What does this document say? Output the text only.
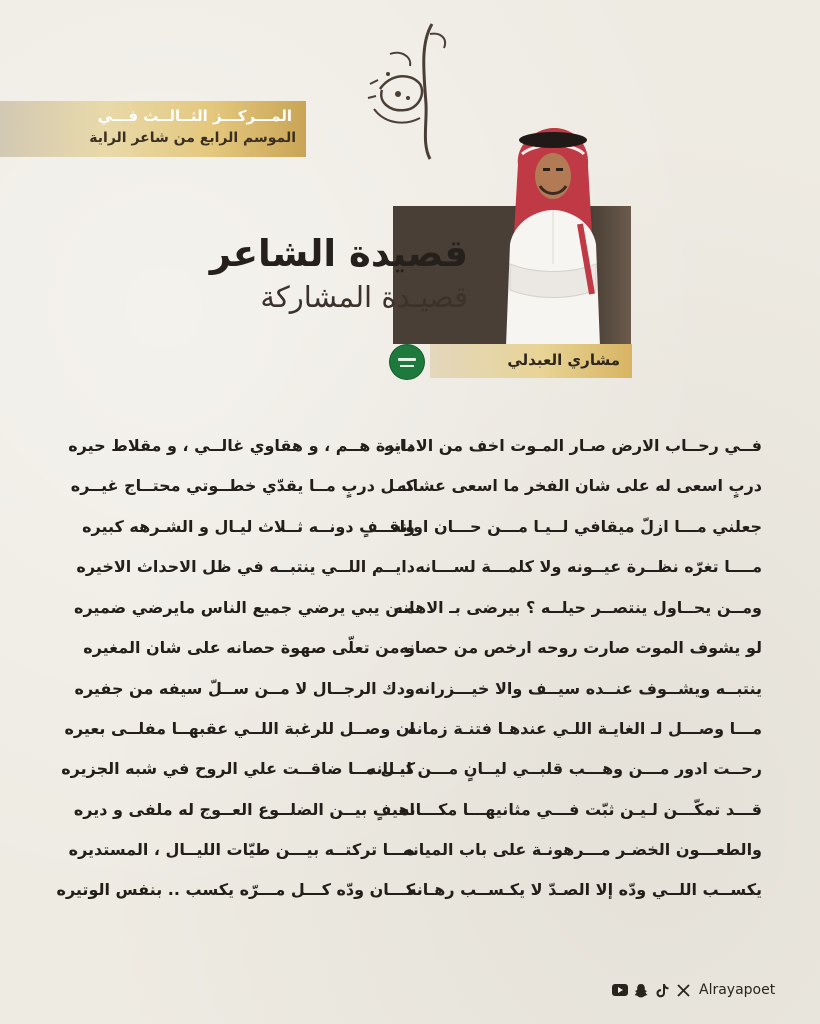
المـــركـــز الثــالــث فـــي
الموسم الرابع من شاعر الراية
قصيدة الشاعر
قصيـدة المشاركة
مشاري العبدلي
دايرة هــم ، و هقاوي غالــي ، و مقلاط حيره
فــي رحــاب الارض صـار المـوت اخف من الامانه
كــل دربٍ مــا يقدّي خطــوتي محتــاج غيــره
دربٍ اسعى له على شان الفخر ما اسعى عشانه
واقــفٍ دونــه ثــلاث ليـال و الشـرهه كبيره
جعلني مـــا ازلّ ميقافي لــيـا مـــن حـــان اوانه
دايــم اللــي ينتبــه في ظل الاحداث الاخيره مــــا تغرّه نظــرة عيــونه ولا كلمـــة لســـانه
مـن يبي يرضي جميع الناس مايرضي ضميره
ومــن يحــاول ينتصــر حيلــه ؟ بيرضى بـ الاهانه
و من تعلّى صهوة حصانه على شان المغيره
لو يشوف الموت صارت روحه ارخص من حصانه
ودك الرجــال لا مــن ســلّ سيفه من جفيره ينتبــه ويشــوف عنــده سيــف والا خيـــزرانه
ان وصــل للرغبة اللــي عقبهــا مفلــى بعيره
مـــا وصـــل لـ الغايـة اللـي عندهـا فتنـة زمانه
كــل مــا ضاقــت علي الروح في شبه الجزيره
رحــت ادور مـــن وهـــب قلبــي ليــانٍ مـــن ليــانه
اهيفٍ بيــن الضلــوع العــوج له ملفى و ديره
قـــد تمكّـــن لـيـن ثبّت فـــي مثانيهـــا مكـــانه
مـــا تركتــه بيـــن طيّات الليــال ، المستديره
والطعـــون الخضـر مـــرهونـة على باب الميانه
كـــان ودّه كـــل مـــرّه يكسب .. بنفس الوتيره
يكســب اللــي ودّه إلا الصـدّ لا يكـســب رهـانه
Alrayapoet
